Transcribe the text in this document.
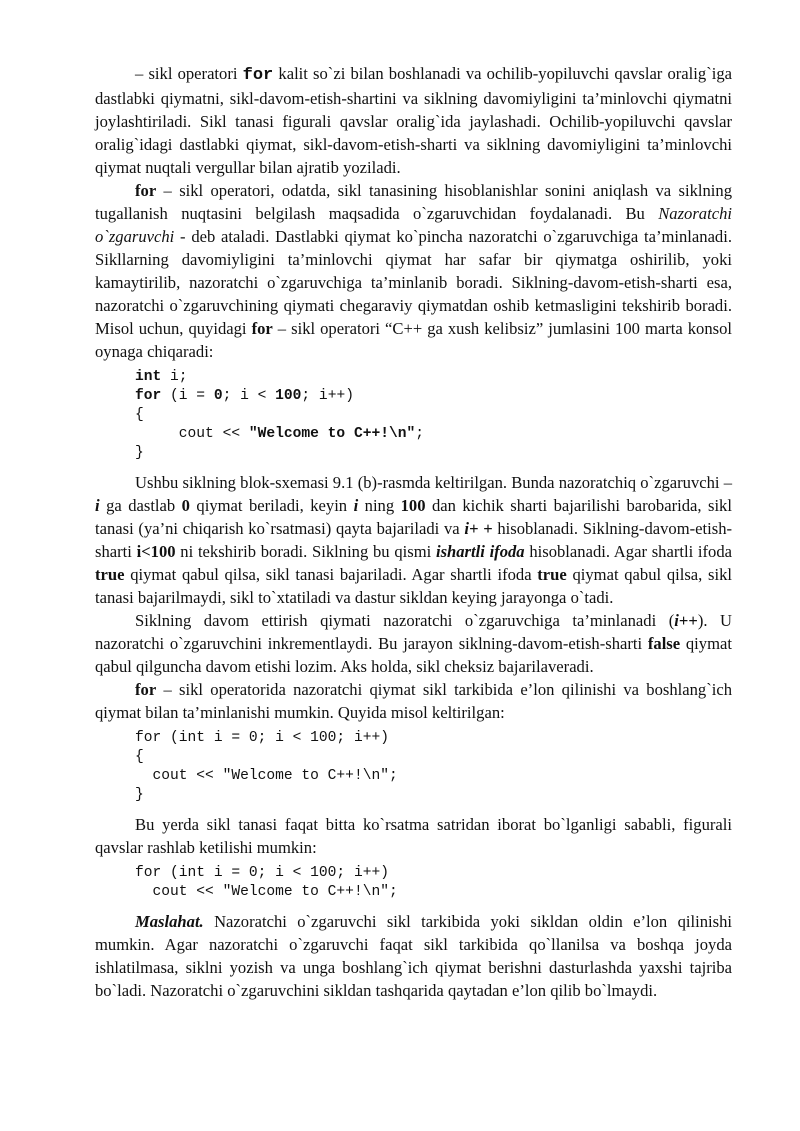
– sikl operatori for kalit so`zi bilan boshlanadi va ochilib-yopiluvchi qavslar oralig`iga dastlabki qiymatni, sikl-davom-etish-shartini va siklning davomiyligini ta’minlovchi qiymatni joylashtiriladi. Sikl tanasi figurali qavslar oralig`ida jaylashadi. Ochilib-yopiluvchi qavslar oralig`idagi dastlabki qiymat, sikl-davom-etish-sharti va siklning davomiyligini ta’minlovchi qiymat nuqtali vergullar bilan ajratib yoziladi.

for – sikl operatori, odatda, sikl tanasining hisoblanishlar sonini aniqlash va siklning tugallanish nuqtasini belgilash maqsadida o`zgaruvchidan foydalanadi. Bu Nazoratchi o`zgaruvchi - deb ataladi. Dastlabki qiymat ko`pincha nazoratchi o`zgaruvchiga ta’minlanadi. Sikllarning davomiyligini ta’minlovchi qiymat har safar bir qiymatga oshirilib, yoki kamaytirilib, nazoratchi o`zgaruvchiga ta’minlanib boradi. Siklning-davom-etish-sharti esa, nazoratchi o`zgaruvchining qiymati chegaraviy qiymatdan oshib ketmasligini tekshirib boradi. Misol uchun, quyidagi for – sikl operatori “C++ ga xush kelibsiz” jumlasini 100 marta konsol oynaga chiqaradi:

int i;
for (i = 0; i < 100; i++)
{
cout << "Welcome to C++!\n";
}

Ushbu siklning blok-sxemasi 9.1 (b)-rasmda keltirilgan. Bunda nazoratchiq o`zgaruvchi – i ga dastlab 0 qiymat beriladi, keyin i ning 100 dan kichik sharti bajarilishi barobarida, sikl tanasi (ya’ni chiqarish ko`rsatmasi) qayta bajariladi va i+ + hisoblanadi. Siklning-davom-etish-sharti i<100 ni tekshirib boradi. Siklning bu qismi ishartli ifoda hisoblanadi. Agar shartli ifoda true qiymat qabul qilsa, sikl tanasi bajariladi. Agar shartli ifoda true qiymat qabul qilsa, sikl tanasi bajarilmaydi, sikl to`xtatiladi va dastur sikldan keying jarayonga o`tadi.

Siklning davom ettirish qiymati nazoratchi o`zgaruvchiga ta’minlanadi (i++). U nazoratchi o`zgaruvchini inkrementlaydi. Bu jarayon siklning-davom-etish-sharti false qiymat qabul qilguncha davom etishi lozim. Aks holda, sikl cheksiz bajarilaveradi.

for – sikl operatorida nazoratchi qiymat sikl tarkibida e’lon qilinishi va boshlang`ich qiymat bilan ta’minlanishi mumkin. Quyida misol keltirilgan:

for (int i = 0; i < 100; i++)
{
cout << "Welcome to C++!\n";
}

Bu yerda sikl tanasi faqat bitta ko`rsatma satridan iborat bo`lganligi sababli, figurali qavslar rashlab ketilishi mumkin:

for (int i = 0; i < 100; i++)
cout << "Welcome to C++!\n";

Maslahat. Nazoratchi o`zgaruvchi sikl tarkibida yoki sikldan oldin e’lon qilinishi mumkin. Agar nazoratchi o`zgaruvchi faqat sikl tarkibida qo`llanilsa va boshqa joyda ishlatilmasa, siklni yozish va unga boshlang`ich qiymat berishni dasturlashda yaxshi tajriba bo`ladi. Nazoratchi o`zgaruvchini sikldan tashqarida qaytadan e’lon qilib bo`lmaydi.
